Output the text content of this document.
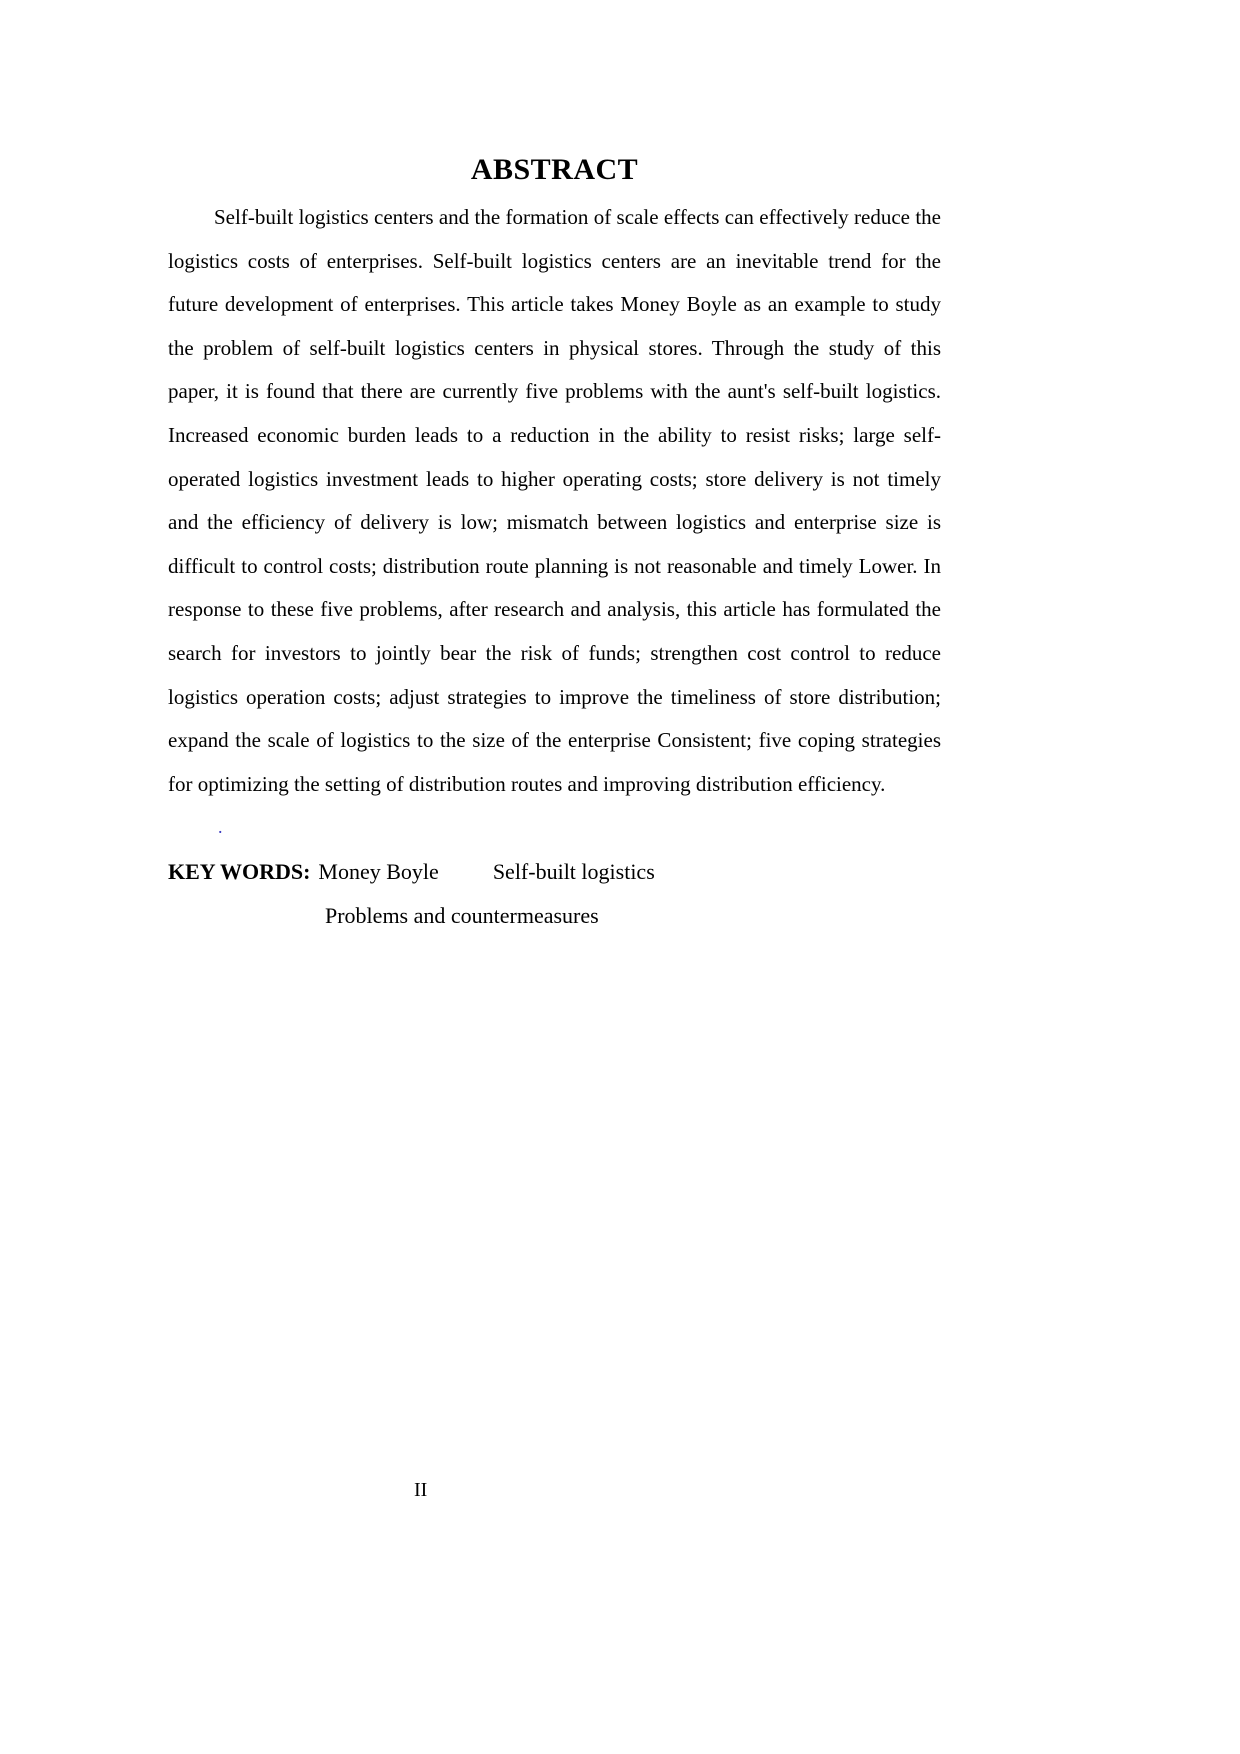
ABSTRACT

Self-built logistics centers and the formation of scale effects can effectively reduce the logistics costs of enterprises. Self-built logistics centers are an inevitable trend for the future development of enterprises. This article takes Money Boyle as an example to study the problem of self-built logistics centers in physical stores. Through the study of this paper, it is found that there are currently five problems with the aunt's self-built logistics. Increased economic burden leads to a reduction in the ability to resist risks; large self-operated logistics investment leads to higher operating costs; store delivery is not timely and the efficiency of delivery is low; mismatch between logistics and enterprise size is difficult to control costs; distribution route planning is not reasonable and timely Lower. In response to these five problems, after research and analysis, this article has formulated the search for investors to jointly bear the risk of funds; strengthen cost control to reduce logistics operation costs; adjust strategies to improve the timeliness of store distribution; expand the scale of logistics to the size of the enterprise Consistent; five coping strategies for optimizing the setting of distribution routes and improving distribution efficiency.

.
KEY WORDS: Money Boyle Self-built logistics
Problems and countermeasures
II
